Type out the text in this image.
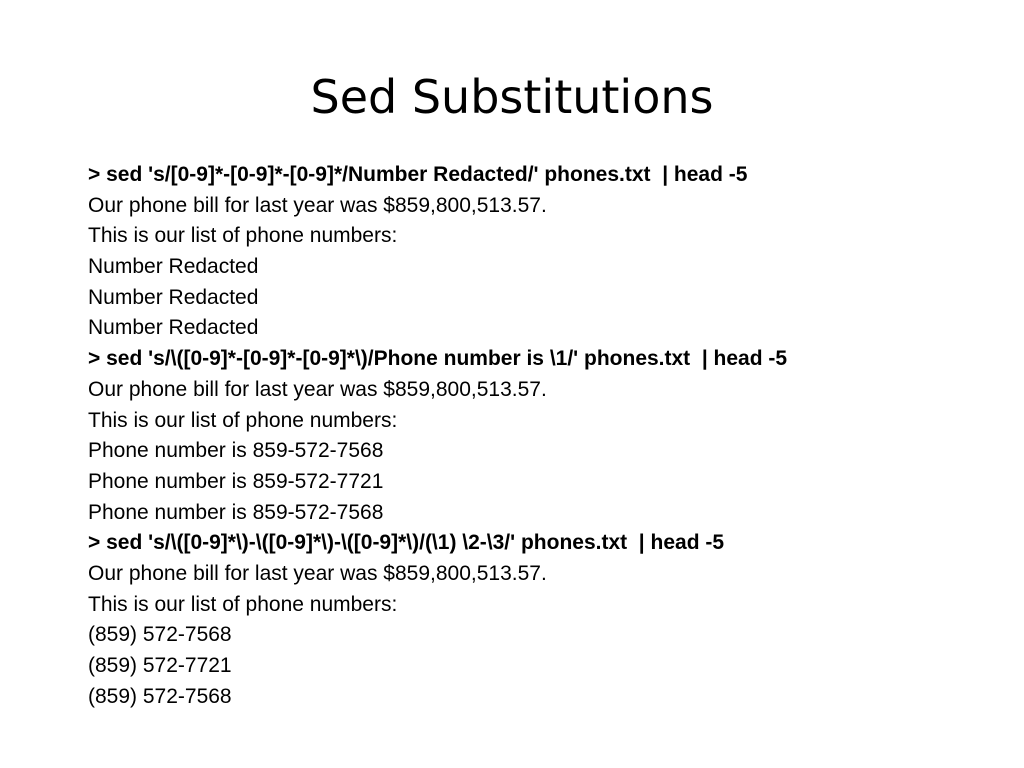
Sed Substitutions
> sed 's/[0-9]*-[0-9]*-[0-9]*/Number Redacted/' phones.txt  | head -5
Our phone bill for last year was $859,800,513.57.
This is our list of phone numbers:
Number Redacted
Number Redacted
Number Redacted
> sed 's/\([0-9]*-[0-9]*-[0-9]*\)/Phone number is \1/' phones.txt  | head -5
Our phone bill for last year was $859,800,513.57.
This is our list of phone numbers:
Phone number is 859-572-7568
Phone number is 859-572-7721
Phone number is 859-572-7568
> sed 's/\([0-9]*\)-\([0-9]*\)-\([0-9]*\)/(\1) \2-\3/' phones.txt  | head -5
Our phone bill for last year was $859,800,513.57.
This is our list of phone numbers:
(859) 572-7568
(859) 572-7721
(859) 572-7568
